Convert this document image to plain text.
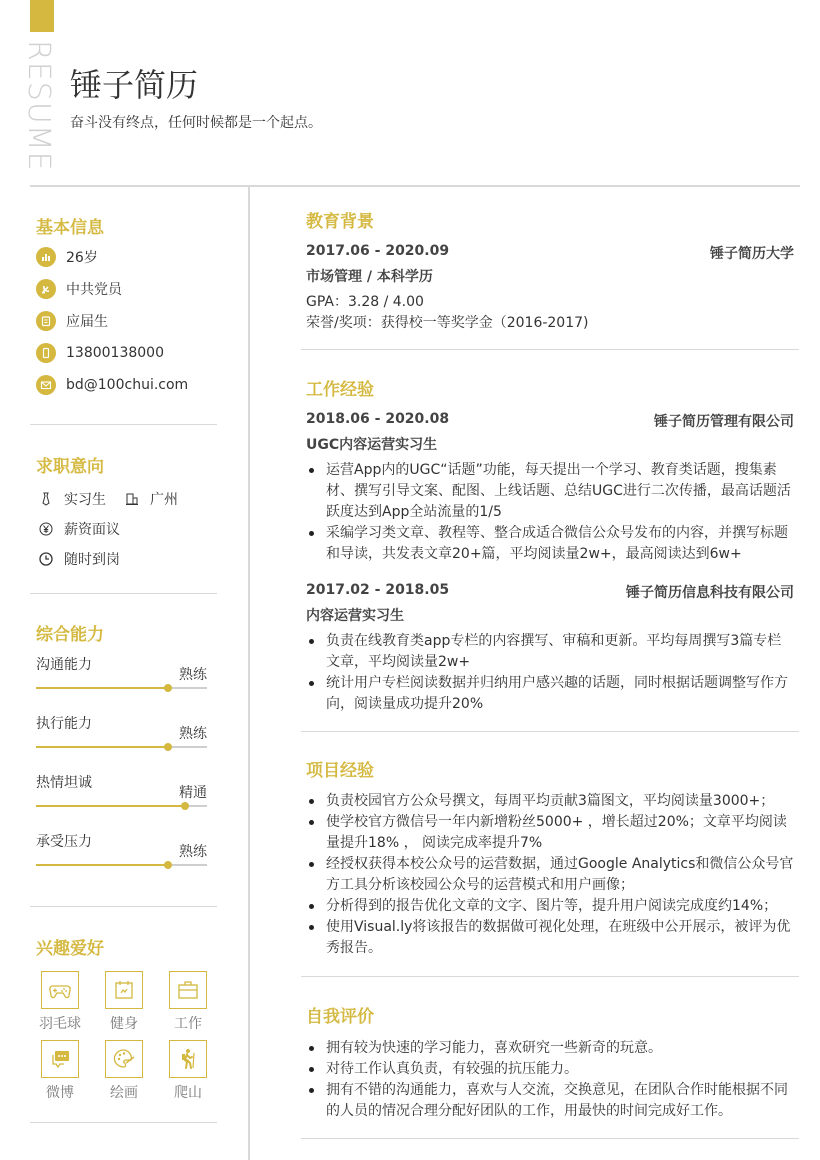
RESUME 锤子简历
奋斗没有终点，任何时候都是一个起点。
基本信息
26岁
中共党员
应届生
13800138000
bd@100chui.com
求职意向
实习生	广州
薪资面议
随时到岗
综合能力
沟通能力
熟练
执行能力
熟练
热情坦诚
精通
承受压力
熟练
兴趣爱好
羽毛球	健身	工作
微博	绘画	爬山
教育背景
2017.06 - 2020.09	锤子简历大学
市场管理 / 本科学历
GPA：3.28 / 4.00
荣誉/奖项：获得校一等奖学金（2016-2017)
工作经验
2018.06 - 2020.08	锤子简历管理有限公司
UGC内容运营实习生
运营App内的UGC“话题”功能，每天提出一个学习、教育类话题，搜集素材、撰写引导文案、配图、上线话题、总结UGC进行二次传播，最高话题活跃度达到App全站流量的1/5
采编学习类文章、教程等、整合成适合微信公众号发布的内容，并撰写标题和导读，共发表文章20+篇，平均阅读量2w+，最高阅读达到6w+
2017.02 - 2018.05	锤子简历信息科技有限公司
内容运营实习生
负责在线教育类app专栏的内容撰写、审稿和更新。平均每周撰写3篇专栏文章，平均阅读量2w+
统计用户专栏阅读数据并归纳用户感兴趣的话题，同时根据话题调整写作方向，阅读量成功提升20%
项目经验
负责校园官方公众号撰文，每周平均贡献3篇图文，平均阅读量3000+；
使学校官方微信号一年内新增粉丝5000+ ，增长超过20%；文章平均阅读量提升18% ， 阅读完成率提升7%
经授权获得本校公众号的运营数据，通过Google Analytics和微信公众号官方工具分析该校园公众号的运营模式和用户画像；
分析得到的报告优化文章的文字、图片等，提升用户阅读完成度约14%；
使用Visual.ly将该报告的数据做可视化处理，在班级中公开展示，被评为优秀报告。
自我评价
拥有较为快速的学习能力，喜欢研究一些新奇的玩意。
对待工作认真负责，有较强的抗压能力。
拥有不错的沟通能力，喜欢与人交流，交换意见，在团队合作时能根据不同的人员的情况合理分配好团队的工作，用最快的时间完成好工作。
